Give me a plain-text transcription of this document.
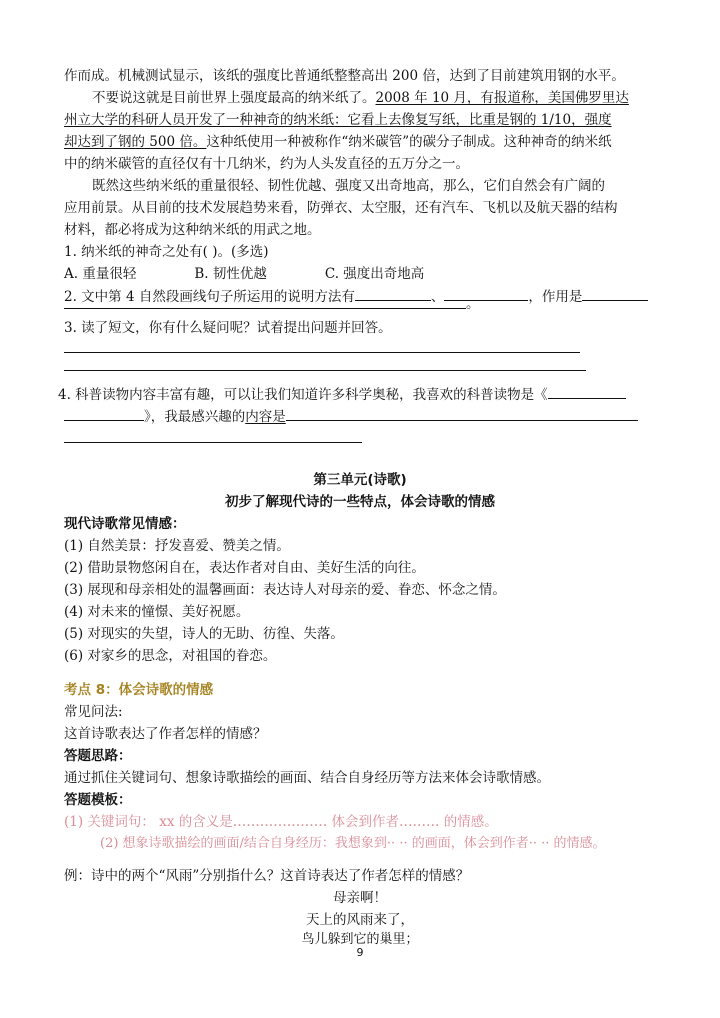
作而成。机械测试显示，该纸的强度比普通纸整整高出 200 倍，达到了目前建筑用钢的水平。
不要说这就是目前世界上强度最高的纳米纸了。2008 年 10 月，有报道称，美国佛罗里达
州立大学的科研人员开发了一种神奇的纳米纸：它看上去像复写纸，比重是钢的 1/10，强度
却达到了钢的 500 倍。这种纸使用一种被称作“纳米碳管”的碳分子制成。这种神奇的纳米纸
中的纳米碳管的直径仅有十几纳米，约为人头发直径的五万分之一。
既然这些纳米纸的重量很轻、韧性优越、强度又出奇地高，那么，它们自然会有广阔的
应用前景。从目前的技术发展趋势来看，防弹衣、太空服，还有汽车、飞机以及航天器的结构
材料，都必将成为这种纳米纸的用武之地。
1. 纳米纸的神奇之处有( )。(多选)
A. 重量很轻	B. 韧性优越	C. 强度出奇地高
2. 文中第 4 自然段画线句子所运用的说明方法有	、	，作用是
。
3. 读了短文，你有什么疑问呢？试着提出问题并回答。
4. 科普读物内容丰富有趣，可以让我们知道许多科学奥秘，我喜欢的科普读物是《
》，我最感兴趣的内容是
第三单元(诗歌)
初步了解现代诗的一些特点，体会诗歌的情感
现代诗歌常见情感：
(1) 自然美景：抒发喜爱、赞美之情。
(2) 借助景物悠闲自在，表达作者对自由、美好生活的向往。
(3) 展现和母亲相处的温馨画面：表达诗人对母亲的爱、眷恋、怀念之情。
(4) 对未来的憧憬、美好祝愿。
(5) 对现实的失望，诗人的无助、彷徨、失落。
(6) 对家乡的思念，对祖国的眷恋。
考点 8：体会诗歌的情感
常见问法:
这首诗歌表达了作者怎样的情感？
答题思路：
通过抓住关键词句、想象诗歌描绘的画面、结合自身经历等方法来体会诗歌情感。
答题模板：
(1) 关键词句： xx 的含义是………………… 体会到作者……… 的情感。
(2) 想象诗歌描绘的画面/结合自身经历：我想象到·· ·· 的画面，体会到作者·· ·· 的情感。
例：诗中的两个“风雨”分别指什么？这首诗表达了作者怎样的情感？
母亲啊！
天上的风雨来了，
鸟儿躲到它的巢里；
9
